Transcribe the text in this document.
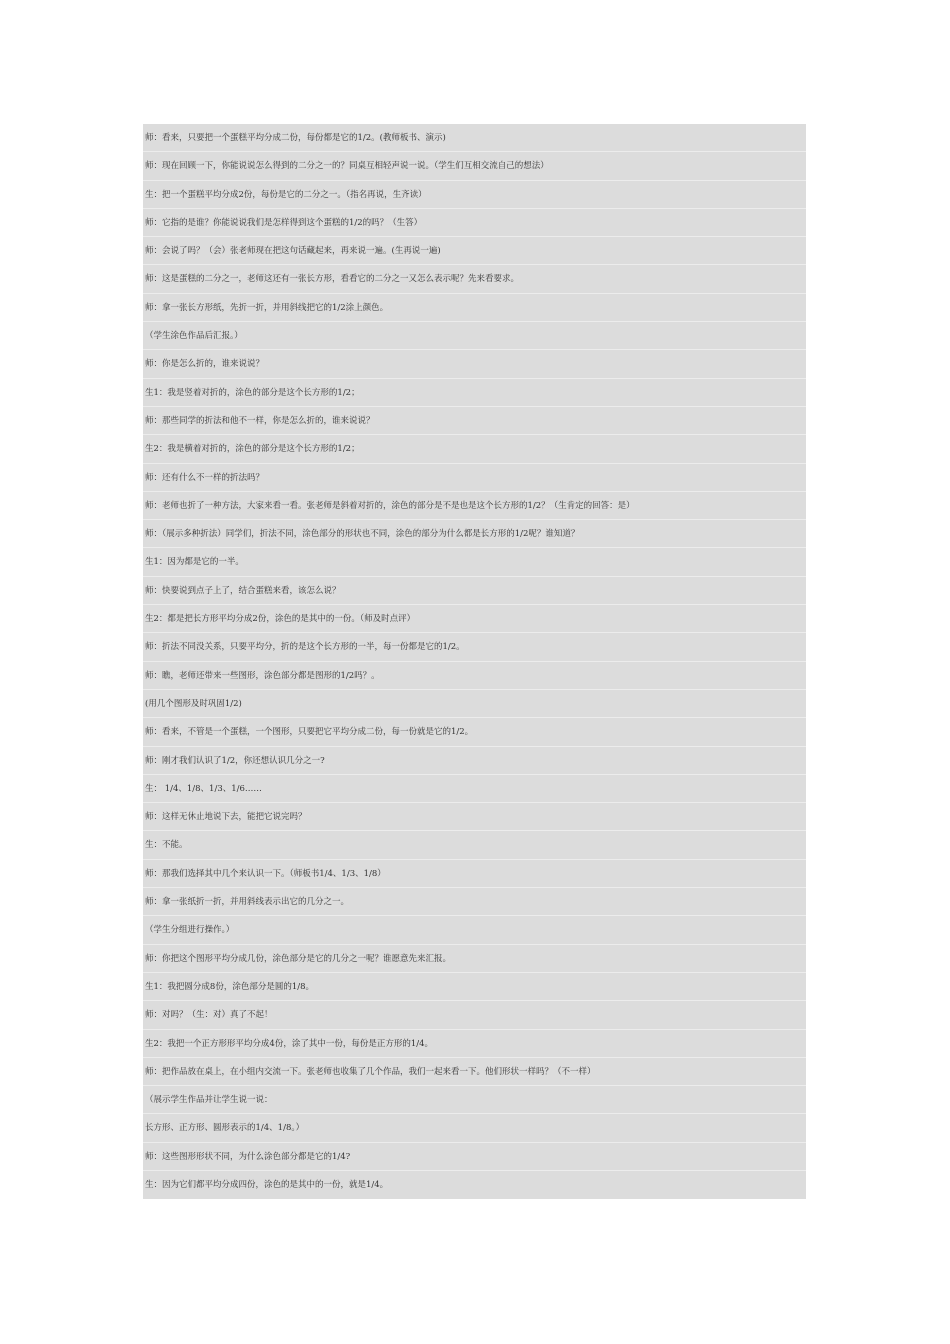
师：看来，只要把一个蛋糕平均分成二份，每份都是它的1/2。(教师板书、演示)
师：现在回顾一下，你能说说怎么得到的二分之一的？同桌互相轻声说一说。（学生们互相交流自己的想法）
生：把一个蛋糕平均分成2份，每份是它的二分之一。（指名再说，生齐读）
师：它指的是谁？你能说说我们是怎样得到这个蛋糕的1/2的吗？（生答）
师：会说了吗？（会）张老师现在把这句话藏起来，再来说一遍。(生再说一遍)
师：这是蛋糕的二分之一，老师这还有一张长方形，看看它的二分之一又怎么表示呢？先来看要求。
师：拿一张长方形纸，先折一折，并用斜线把它的1/2涂上颜色。
（学生涂色作品后汇报。）
师：你是怎么折的，谁来说说？
生1：我是竖着对折的，涂色的部分是这个长方形的1/2；
师：那些同学的折法和他不一样，你是怎么折的，谁来说说？
生2：我是横着对折的，涂色的部分是这个长方形的1/2；
师：还有什么不一样的折法吗？
师：老师也折了一种方法，大家来看一看。张老师是斜着对折的，涂色的部分是不是也是这个长方形的1/2？（生肯定的回答：是）
师：（展示多种折法）同学们，折法不同，涂色部分的形状也不同，涂色的部分为什么都是长方形的1/2呢？谁知道？
生1：因为都是它的一半。
师：快要说到点子上了，结合蛋糕来看，该怎么说？
生2：都是把长方形平均分成2份，涂色的是其中的一份。（师及时点评）
师：折法不同没关系，只要平均分，折的是这个长方形的一半，每一份都是它的1/2。
师：瞧，老师还带来一些图形，涂色部分都是图形的1/2吗？。
(用几个图形及时巩固1/2)
师：看来，不管是一个蛋糕，一个图形，只要把它平均分成二份，每一份就是它的1/2。
师：刚才我们认识了1/2，你还想认识几分之一?
生： 1/4、1/8、1/3、1/6……
师：这样无休止地说下去，能把它说完吗？
生：不能。
师：那我们选择其中几个来认识一下。（师板书1/4、1/3、1/8）
师：拿一张纸折一折，并用斜线表示出它的几分之一。
（学生分组进行操作。）
师：你把这个图形平均分成几份，涂色部分是它的几分之一呢？谁愿意先来汇报。
生1：我把圆分成8份，涂色部分是圆的1/8。
师：对吗？（生：对）真了不起！
生2：我把一个正方形形平均分成4份，涂了其中一份，每份是正方形的1/4。
师：把作品放在桌上，在小组内交流一下。张老师也收集了几个作品，我们一起来看一下。他们形状一样吗？（不一样）
（展示学生作品并让学生说一说：
长方形、正方形、圆形表示的1/4、1/8。）
师：这些图形形状不同，为什么涂色部分都是它的1/4?
生：因为它们都平均分成四份，涂色的是其中的一份，就是1/4。
